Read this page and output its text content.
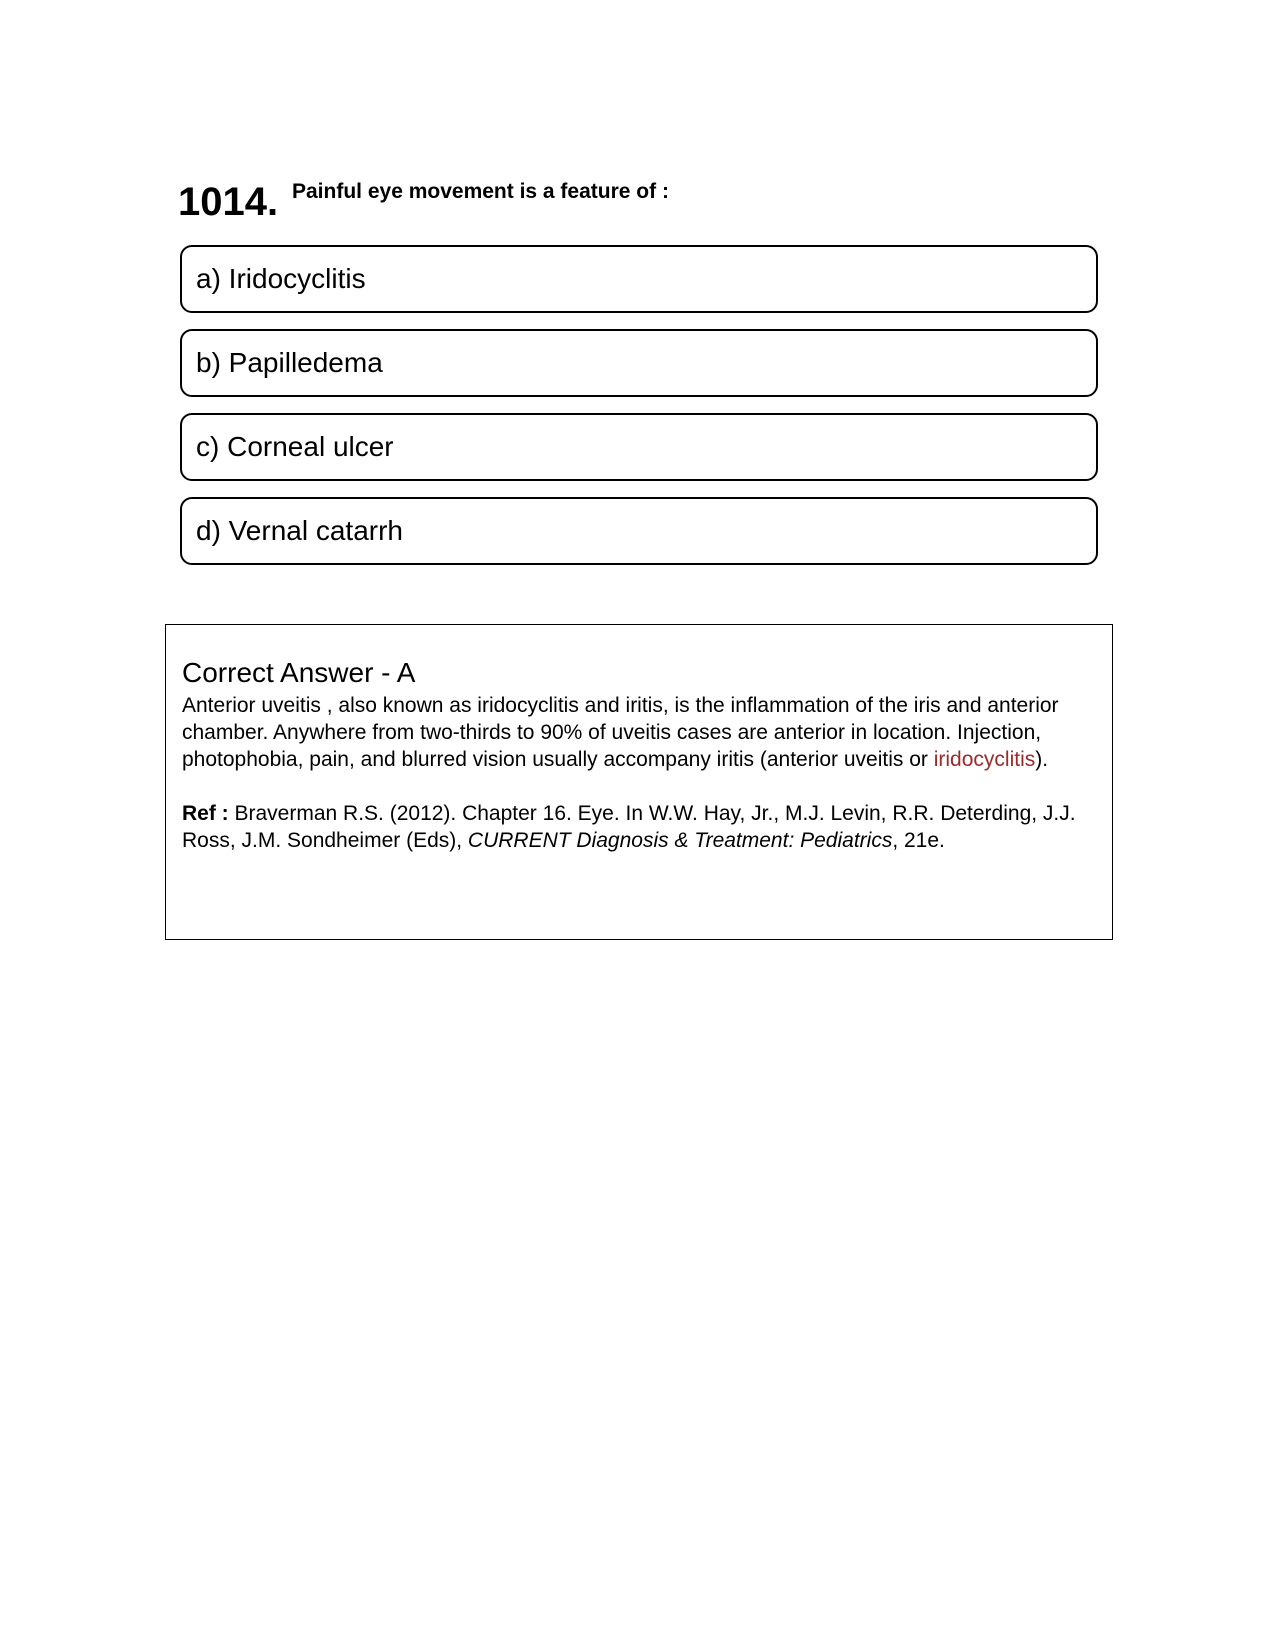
1014. Painful eye movement is a feature of :
a) Iridocyclitis
b) Papilledema
c) Corneal ulcer
d) Vernal catarrh
Correct Answer - A
Anterior uveitis , also known as iridocyclitis and iritis, is the inflammation of the iris and anterior chamber. Anywhere from two-thirds to 90% of uveitis cases are anterior in location. Injection, photophobia, pain, and blurred vision usually accompany iritis (anterior uveitis or iridocyclitis).
Ref : Braverman R.S. (2012). Chapter 16. Eye. In W.W. Hay, Jr., M.J. Levin, R.R. Deterding, J.J. Ross, J.M. Sondheimer (Eds), CURRENT Diagnosis & Treatment: Pediatrics, 21e.
